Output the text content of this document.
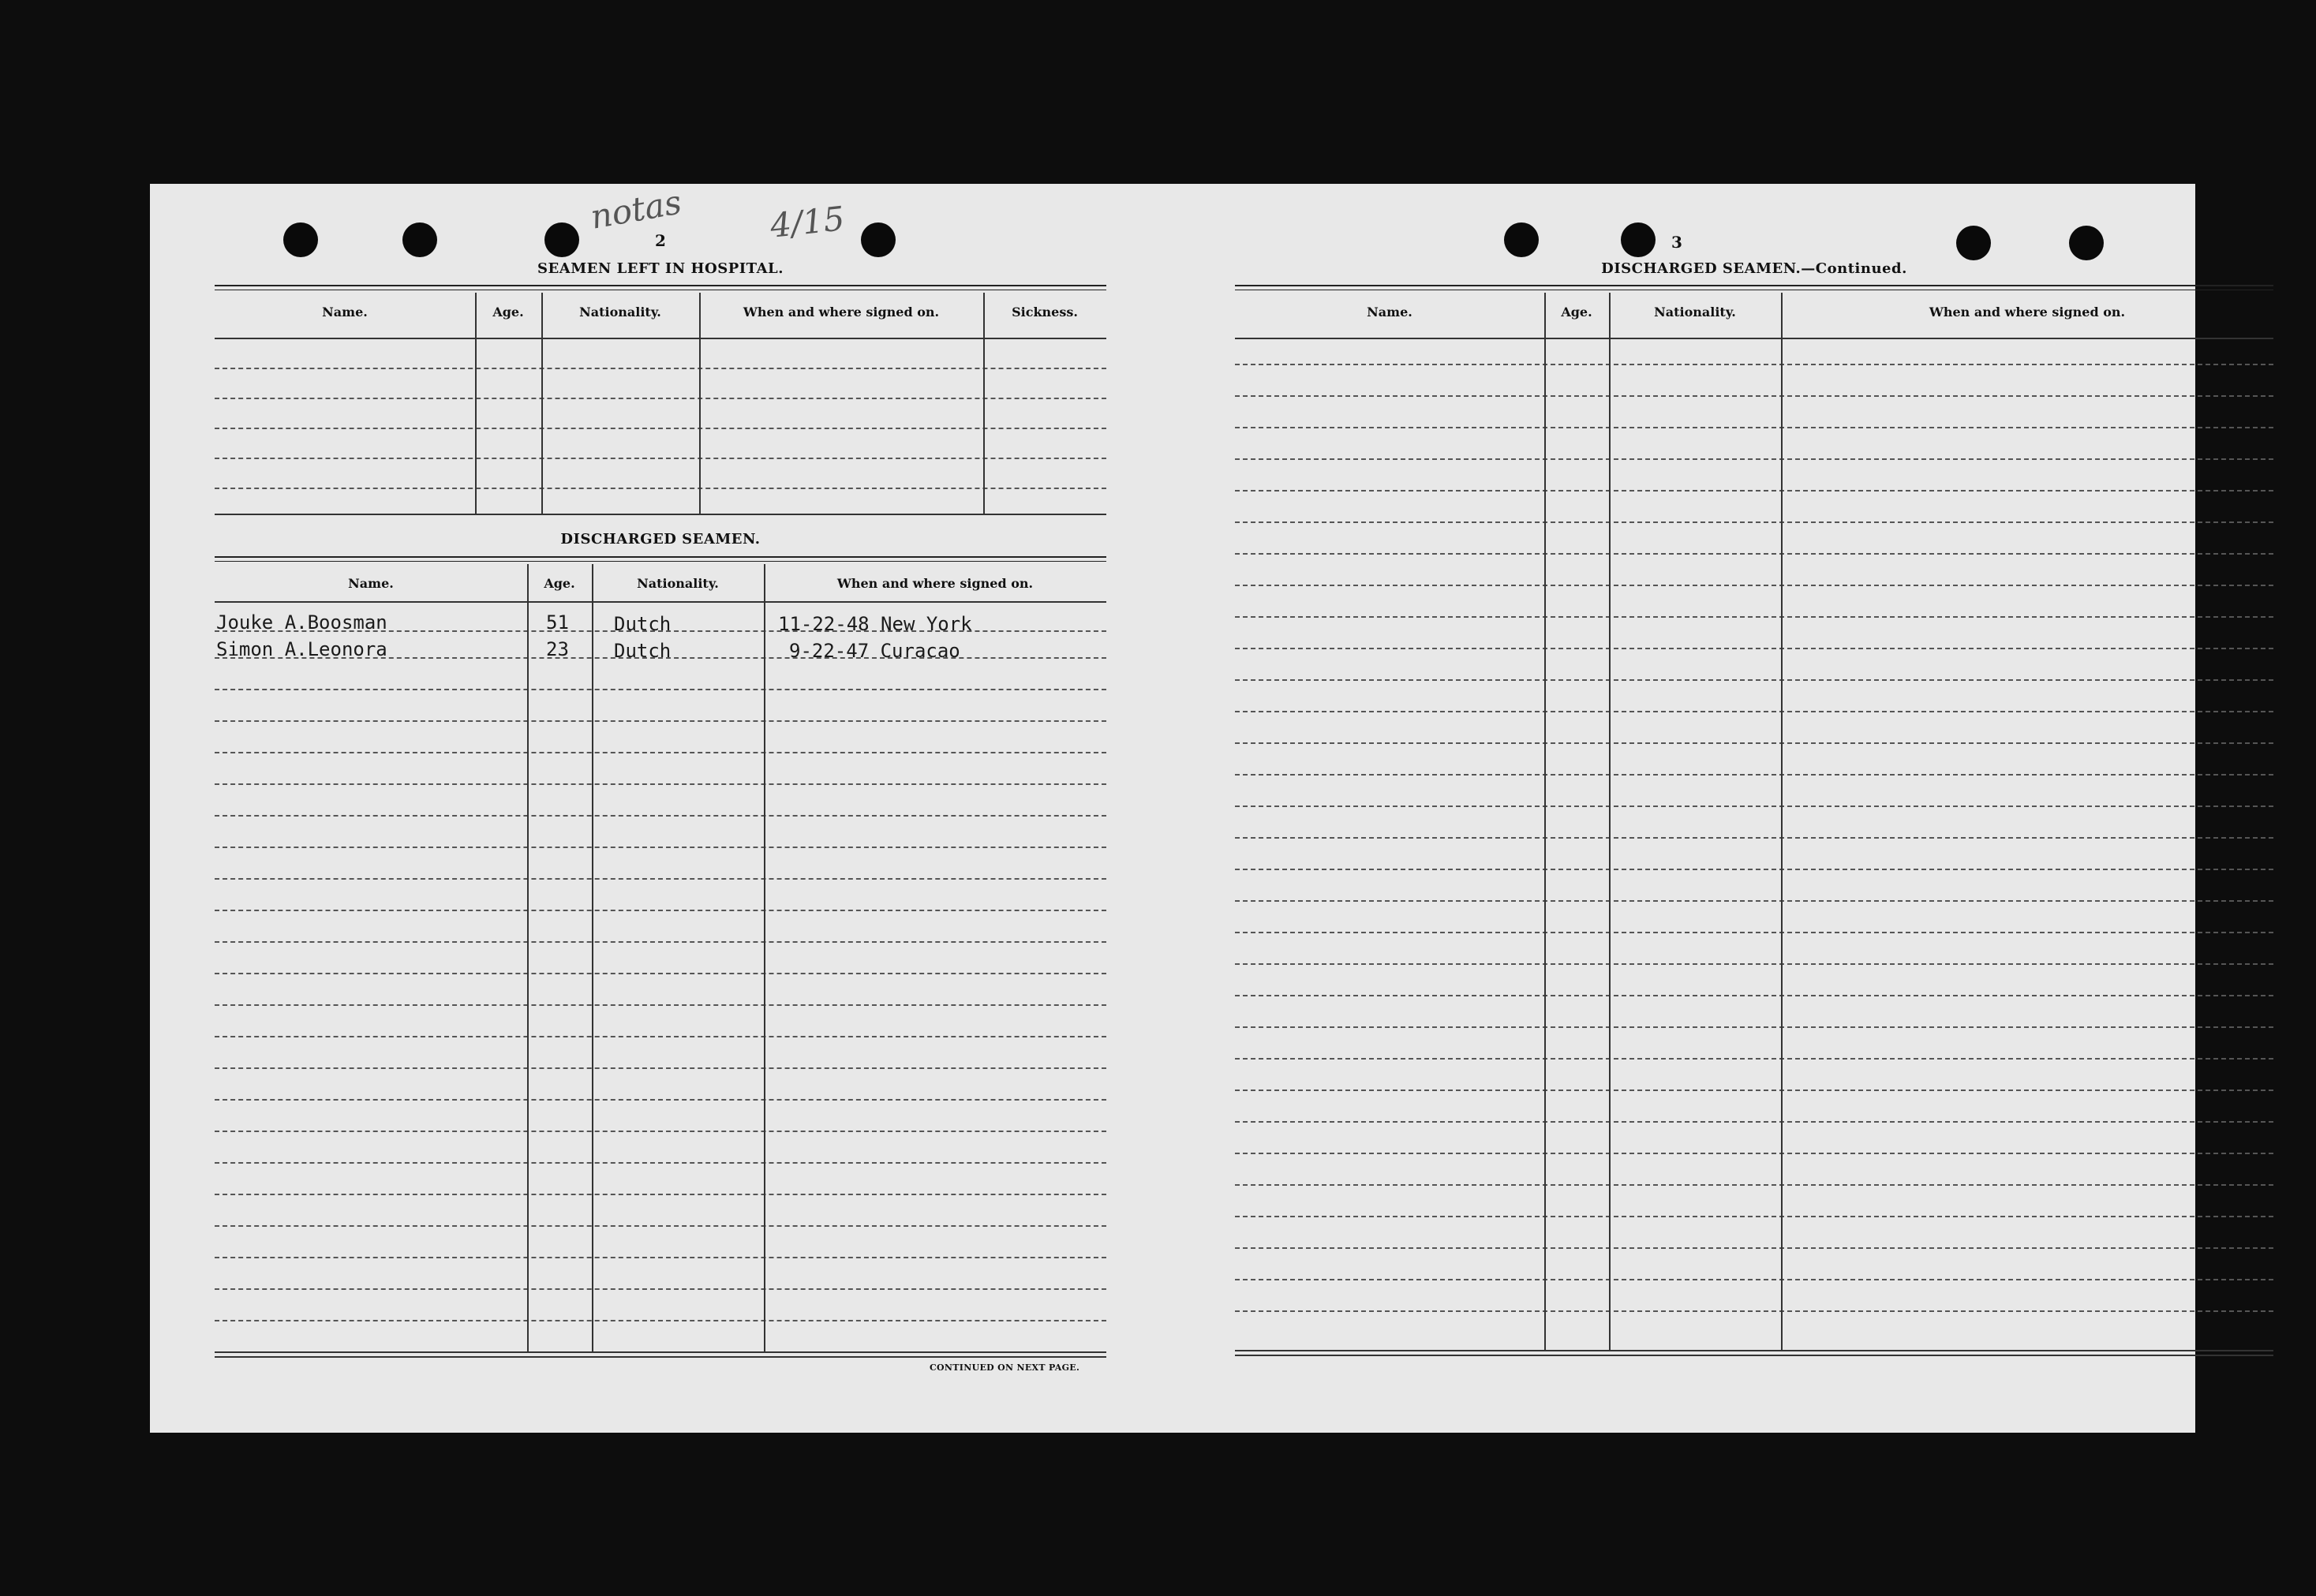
notas	4/15
2
SEAMEN LEFT IN HOSPITAL.
Name.	Age.	Nationality.	When and where signed on.	Sickness.
DISCHARGED SEAMEN.
Name.	Age.	Nationality.	When and where signed on.
Jouke A.Boosman	51 Dutch	11-22-48 New York
Simon A.Leonora	23 Dutch	9-22-47 Curacao
CONTINUED ON NEXT PAGE.
3
DISCHARGED SEAMEN.—Continued.
Name.	Age.	Nationality.	When and where signed on.
